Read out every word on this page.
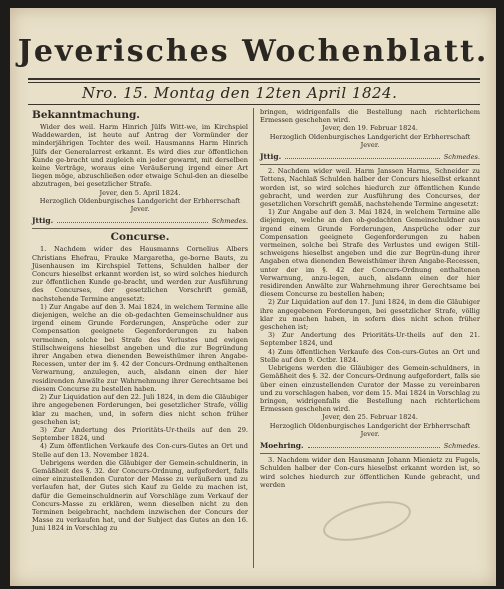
Jeverisches Wochenblatt.
Nro. 15. Montag den 12ten April 1824.
Bekanntmachung.

Wider des weil. Harm Hinrich Jülfs Witt-we, im Kirchspiel Waddewarden, ist heute auf Antrag der Vormünder der minderjährigen Tochter des weil. Hausmanns Harm Hinrich Jülfs der Generalarrest erkannt. Es wird dies zur öffentlichen Kunde ge-bracht und zugleich ein jeder gewarnt, mit derselben keine Verträge, woraus eine Veräußerung irgend einer Art liegen möge, abzuschließen oder etwaige Schul-den an dieselbe abzutragen, bei gesetzlicher Strafe.

Jever, den 5. April 1824.

Herzoglich Oldenburgisches Landgericht der Erbherrschaft Jever.
Jttig.	Schmedes.
Concurse.

1. Nachdem wider des Hausmanns Cornelius Albers Christians Ehefrau, Frauke Margaretha, ge-borne Bauts, zu Jüsenhausen im Kirchspiel Tettens, Schulden halber der Concurs hieselbst erkannt worden ist, so wird solches hiedurch zur öffentlichen Kunde ge-bracht, und werden zur Ausführung des Concurses, der gesetzlichen Vorschrift gemäß, nachstehende Termine angesetzt:

1) Zur Angabe auf den 3. Mai 1824, in welchem Termine alle diejenigen, welche an die ob-gedachten Gemeinschuldner aus irgend einem Grunde Forderungen, Ansprüche oder zur Compensation geeignete Gegenforderungen zu haben vermeinen, solche bei Strafe des Verlustes und ewigen Stillschweigens hieselbst angeben und die zur Begründung ihrer Angaben etwa dienenden Beweisthümer ihren Angabe-Recessen, unter der im §. 42 der Concurs-Ordnung enthaltenen Verwarnung, anzulegen, auch, alsdann einen der hier residirenden Anwälte zur Wahrnehmung ihrer Gerechtsame bei diesem Concurse zu bestellen haben.

2) Zur Liquidation auf den 22. Juli 1824, in dem die Gläubiger ihre angegebenen Forderungen, bei gesetzlicher Strafe, völlig klar zu machen, und, in sofern dies nicht schon früher geschehen ist;

3) Zur Andertung des Prioritäts-Ur-theils auf den 29. September 1824, und

4) Zum öffentlichen Verkaufe des Con-curs-Gutes an Ort und Stelle auf den 13. November 1824.

Uebrigens werden die Gläubiger der Gemein-schuldnerin, in Gemäßheit des §. 32. der Concurs-Ordnung, aufgefordert, falls einer einzustellenden Curator der Masse zu veräußern und zu verlaufen hat, der Gutes sich Kauf zu Gelde zu machen ist, dafür die Gemeinschuldnerin auf Vorschläge zum Verkauf der Concurs-Masse zu erklären, wenn dieselben nicht zu den Terminen beigebracht, nachdem inzwischen der Concurs der Masse zu verkaufen hat, und der Subject das Gutes an den 16. Juni 1824 in Vorschlag zu

bringen, widrigenfalls die Bestellung nach richterlichem Ermessen geschehen wird.

Jever, den 19. Februar 1824.

Herzoglich Oldenburgisches Landgericht der Erbherrschaft Jever.
Jttig.	Schmedes.

2. Nachdem wider weil. Harm Janssen Harms, Schneider zu Tettens, Nachlaß Schulden halber der Concurs hieselbst erkannt worden ist, so wird solches hiedurch zur öffentlichen Kunde gebracht, und werden zur Ausführung des Concurses, der gesetzlichen Vorschrift gemäß, nachstehende Termine angesetzt:

1) Zur Angabe auf den 3. Mai 1824, in welchem Termine alle diejenigen, welche an den ob-gedachten Gemeinschuldner aus irgend einem Grunde Forderungen, Ansprüche oder zur Compensation geeignete Gegenforderungen zu haben vermeinen, solche bei Strafe des Verlustes und ewigen Still-schweigens hieselbst angeben und die zur Begrün-dung ihrer Angaben etwa dienenden Beweisthümer ihren Angabe-Recessen, unter der im §. 42 der Concurs-Ordnung enthaltenen Verwarnung, anzu-legen, auch, alsdann einen der hier residirenden Anwälte zur Wahrnehmung ihrer Gerechtsame bei diesem Concurse zu bestellen haben;

2) Zur Liquidation auf den 17. Juni 1824, in dem die Gläubiger ihre angegebenen Forderungen, bei gesetzlicher Strafe, völlig klar zu machen haben, in sofern dies nicht schon früher geschehen ist;

3) Zur Andertung des Prioritäts-Ur-theils auf den 21. September 1824, und

4) Zum öffentlichen Verkaufe des Con-curs-Gutes an Ort und Stelle auf den 9. Octbr. 1824.

Uebrigens werden die Gläubiger des Gemein-schuldners, in Gemäßheit des §. 32. der Concurs-Ordnung aufgefordert, falls sie über einen einzustellenden Curator der Masse zu vereinbaren und zu vorschlagen haben, vor dem 15. Mai 1824 in Vorschlag zu bringen, widrigenfalls die Bestellung nach richterlichem Ermessen geschehen wird.

Jever, den 25. Februar 1824.

Herzoglich Oldenburgisches Landgericht der Erbherrschaft Jever.
Moehring.	Schmedes.

3. Nachdem wider den Hausmann Johann Mienietz zu Fugels, Schulden halber der Con-curs hieselbst erkannt worden ist, so wird solches hiedurch zur öffentlichen Kunde gebracht, und werden
